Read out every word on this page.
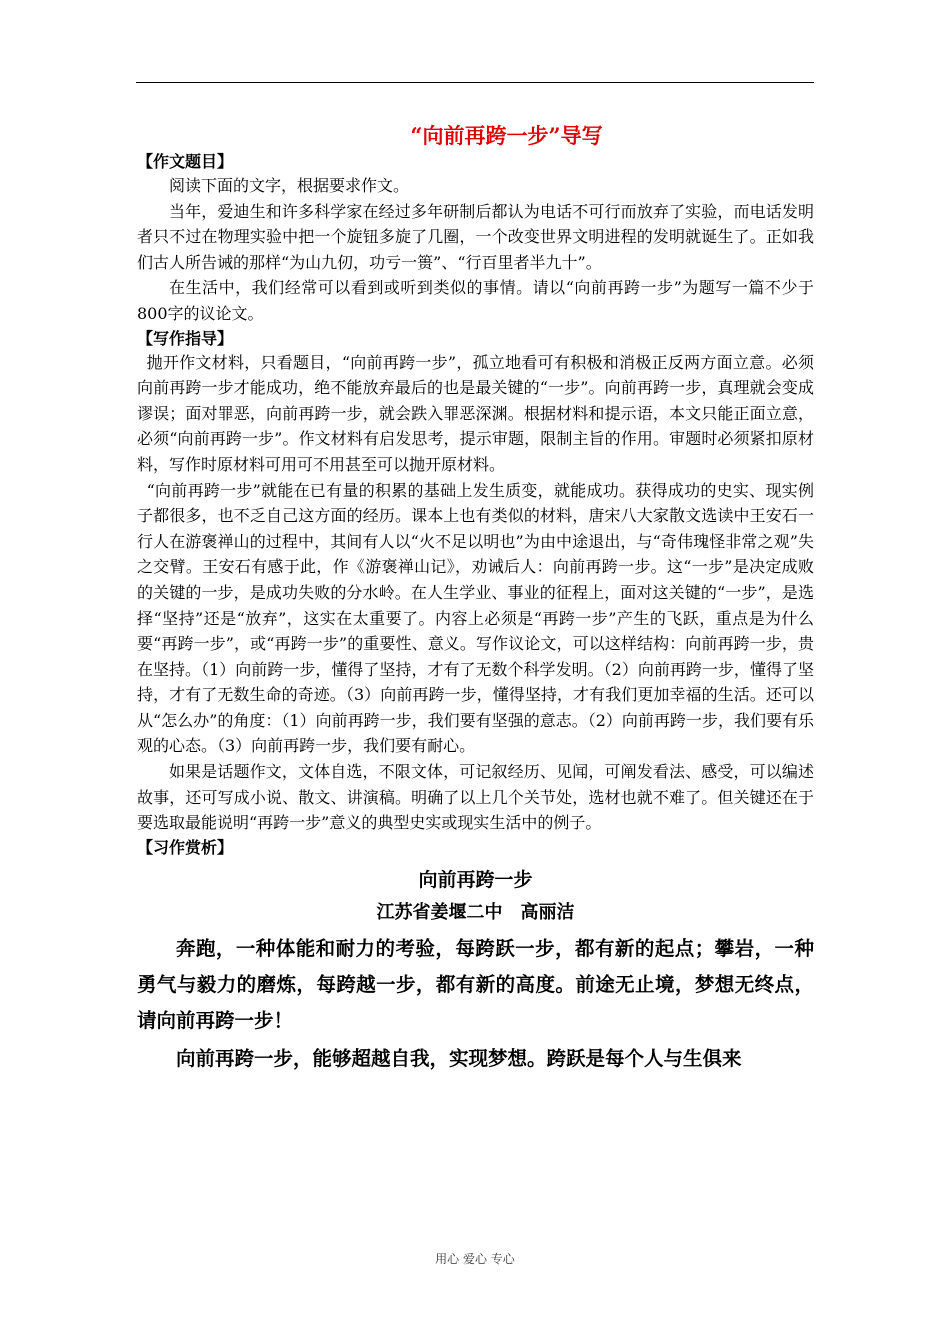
“向前再跨一步”导写

【作文题目】

阅读下面的文字，根据要求作文。

当年，爱迪生和许多科学家在经过多年研制后都认为电话不可行而放弃了实验，而电话发明者只不过在物理实验中把一个旋钮多旋了几圈，一个改变世界文明进程的发明就诞生了。正如我们古人所告诫的那样“为山九仞，功亏一篑”、“行百里者半九十”。

在生活中，我们经常可以看到或听到类似的事情。请以“向前再跨一步”为题写一篇不少于800字的议论文。

【写作指导】

抛开作文材料，只看题目，“向前再跨一步”，孤立地看可有积极和消极正反两方面立意。必须向前再跨一步才能成功，绝不能放弃最后的也是最关键的“一步”。向前再跨一步，真理就会变成谬误；面对罪恶，向前再跨一步，就会跌入罪恶深渊。根据材料和提示语，本文只能正面立意，必须“向前再跨一步”。作文材料有启发思考，提示审题，限制主旨的作用。审题时必须紧扣原材料，写作时原材料可用可不用甚至可以抛开原材料。

“向前再跨一步”就能在已有量的积累的基础上发生质变，就能成功。获得成功的史实、现实例子都很多，也不乏自己这方面的经历。课本上也有类似的材料，唐宋八大家散文选读中王安石一行人在游褒禅山的过程中，其间有人以“火不足以明也”为由中途退出，与“奇伟瑰怪非常之观”失之交臂。王安石有感于此，作《游褒禅山记》，劝诫后人：向前再跨一步。这“一步”是决定成败的关键的一步，是成功失败的分水岭。在人生学业、事业的征程上，面对这关键的“一步”，是选择“坚持”还是“放弃”，这实在太重要了。内容上必须是“再跨一步”产生的飞跃，重点是为什么要“再跨一步”，或“再跨一步”的重要性、意义。写作议论文，可以这样结构：向前再跨一步，贵在坚持。（1）向前跨一步，懂得了坚持，才有了无数个科学发明。（2）向前再跨一步，懂得了坚持，才有了无数生命的奇迹。（3）向前再跨一步，懂得坚持，才有我们更加幸福的生活。还可以从“怎么办”的角度：（1）向前再跨一步，我们要有坚强的意志。（2）向前再跨一步，我们要有乐观的心态。（3）向前再跨一步，我们要有耐心。

如果是话题作文，文体自选，不限文体，可记叙经历、见闻，可阐发看法、感受，可以编述故事，还可写成小说、散文、讲演稿。明确了以上几个关节处，选材也就不难了。但关键还在于要选取最能说明“再跨一步”意义的典型史实或现实生活中的例子。

【习作赏析】

向前再跨一步

江苏省姜堰二中　高丽洁

奔跑，一种体能和耐力的考验，每跨跃一步，都有新的起点；攀岩，一种勇气与毅力的磨炼，每跨越一步，都有新的高度。前途无止境，梦想无终点，请向前再跨一步！

向前再跨一步，能够超越自我，实现梦想。跨跃是每个人与生俱来

用心 爱心 专心
